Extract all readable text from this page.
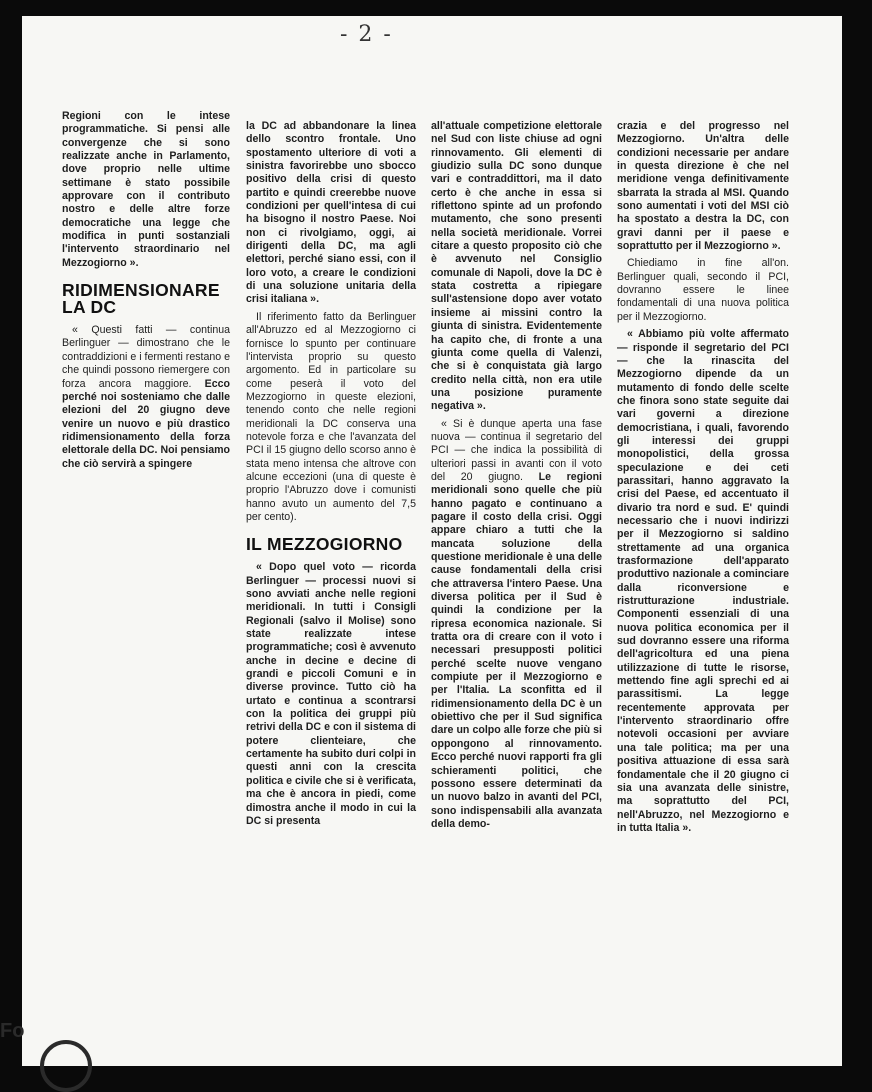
- 2 -

Regioni con le intese programmatiche. Si pensi alle convergenze che si sono realizzate anche in Parlamento, dove proprio nelle ultime settimane è stato possibile approvare con il contributo nostro e delle altre forze democratiche una legge che modifica in punti sostanziali l'intervento straordinario nel Mezzogiorno ».

RIDIMENSIONARE LA DC

« Questi fatti — continua Berlinguer — dimostrano che le contraddizioni e i fermenti restano e che quindi possono riemergere con forza ancora maggiore. Ecco perché noi sosteniamo che dalle elezioni del 20 giugno deve venire un nuovo e più drastico ridimensionamento della forza elettorale della DC. Noi pensiamo che ciò servirà a spingere

la DC ad abbandonare la linea dello scontro frontale. Uno spostamento ulteriore di voti a sinistra favorirebbe uno sbocco positivo della crisi di questo partito e quindi creerebbe nuove condizioni per quell'intesa di cui ha bisogno il nostro Paese. Noi non ci rivolgiamo, oggi, ai dirigenti della DC, ma agli elettori, perché siano essi, con il loro voto, a creare le condizioni di una soluzione unitaria della crisi italiana ».

Il riferimento fatto da Berlinguer all'Abruzzo ed al Mezzogiorno ci fornisce lo spunto per continuare l'intervista proprio su questo argomento. Ed in particolare su come peserà il voto del Mezzogiorno in queste elezioni, tenendo conto che nelle regioni meridionali la DC conserva una notevole forza e che l'avanzata del PCI il 15 giugno dello scorso anno è stata meno intensa che altrove con alcune eccezioni (una di queste è proprio l'Abruzzo dove i comunisti hanno avuto un aumento del 7,5 per cento).

IL MEZZOGIORNO

« Dopo quel voto — ricorda Berlinguer — processi nuovi si sono avviati anche nelle regioni meridionali. In tutti i Consigli Regionali (salvo il Molise) sono state realizzate intese programmatiche; così è avvenuto anche in decine e decine di grandi e piccoli Comuni e in diverse province. Tutto ciò ha urtato e continua a scontrarsi con la politica dei gruppi più retrivi della DC e con il sistema di potere clienteiare, che certamente ha subito duri colpi in questi anni con la crescita politica e civile che si è verificata, ma che è ancora in piedi, come dimostra anche il modo in cui la DC si presenta

all'attuale competizione elettorale nel Sud con liste chiuse ad ogni rinnovamento. Gli elementi di giudizio sulla DC sono dunque vari e contraddittori, ma il dato certo è che anche in essa si riflettono spinte ad un profondo mutamento, che sono presenti nella società meridionale. Vorrei citare a questo proposito ciò che è avvenuto nel Consiglio comunale di Napoli, dove la DC è stata costretta a ripiegare sull'astensione dopo aver votato insieme ai missini contro la giunta di sinistra. Evidentemente ha capito che, di fronte a una giunta come quella di Valenzi, che si è conquistata già largo credito nella città, non era utile una posizione puramente negativa ».

« Si è dunque aperta una fase nuova — continua il segretario del PCI — che indica la possibilità di ulteriori passi in avanti con il voto del 20 giugno. Le regioni meridionali sono quelle che più hanno pagato e continuano a pagare il costo della crisi. Oggi appare chiaro a tutti che la mancata soluzione della questione meridionale è una delle cause fondamentali della crisi che attraversa l'intero Paese. Una diversa politica per il Sud è quindi la condizione per la ripresa economica nazionale. Si tratta ora di creare con il voto i necessari presupposti politici perché scelte nuove vengano compiute per il Mezzogiorno e per l'Italia. La sconfitta ed il ridimensionamento della DC è un obiettivo che per il Sud significa dare un colpo alle forze che più si oppongono al rinnovamento. Ecco perché nuovi rapporti fra gli schieramenti politici, che possono essere determinati da un nuovo balzo in avanti del PCI, sono indispensabili alla avanzata della demo-

crazia e del progresso nel Mezzogiorno. Un'altra delle condizioni necessarie per andare in questa direzione è che nel meridione venga definitivamente sbarrata la strada al MSI. Quando sono aumentati i voti del MSI ciò ha spostato a destra la DC, con gravi danni per il paese e soprattutto per il Mezzogiorno ».

Chiediamo in fine all'on. Berlinguer quali, secondo il PCI, dovranno essere le linee fondamentali di una nuova politica per il Mezzogiorno.

« Abbiamo più volte affermato — risponde il segretario del PCI — che la rinascita del Mezzogiorno dipende da un mutamento di fondo delle scelte che finora sono state seguite dai vari governi a direzione democristiana, i quali, favorendo gli interessi dei gruppi monopolistici, della grossa speculazione e dei ceti parassitari, hanno aggravato la crisi del Paese, ed accentuato il divario tra nord e sud. E' quindi necessario che i nuovi indirizzi per il Mezzogiorno si saldino strettamente ad una organica trasformazione dell'apparato produttivo nazionale a cominciare dalla riconversione e ristrutturazione industriale. Componenti essenziali di una nuova politica economica per il sud dovranno essere una riforma dell'agricoltura ed una piena utilizzazione di tutte le risorse, mettendo fine agli sprechi ed ai parassitismi. La legge recentemente approvata per l'intervento straordinario offre notevoli occasioni per avviare una tale politica; ma per una positiva attuazione di essa sarà fondamentale che il 20 giugno ci sia una avanzata delle sinistre, ma soprattutto del PCI, nell'Abruzzo, nel Mezzogiorno e in tutta Italia ».

Fo
